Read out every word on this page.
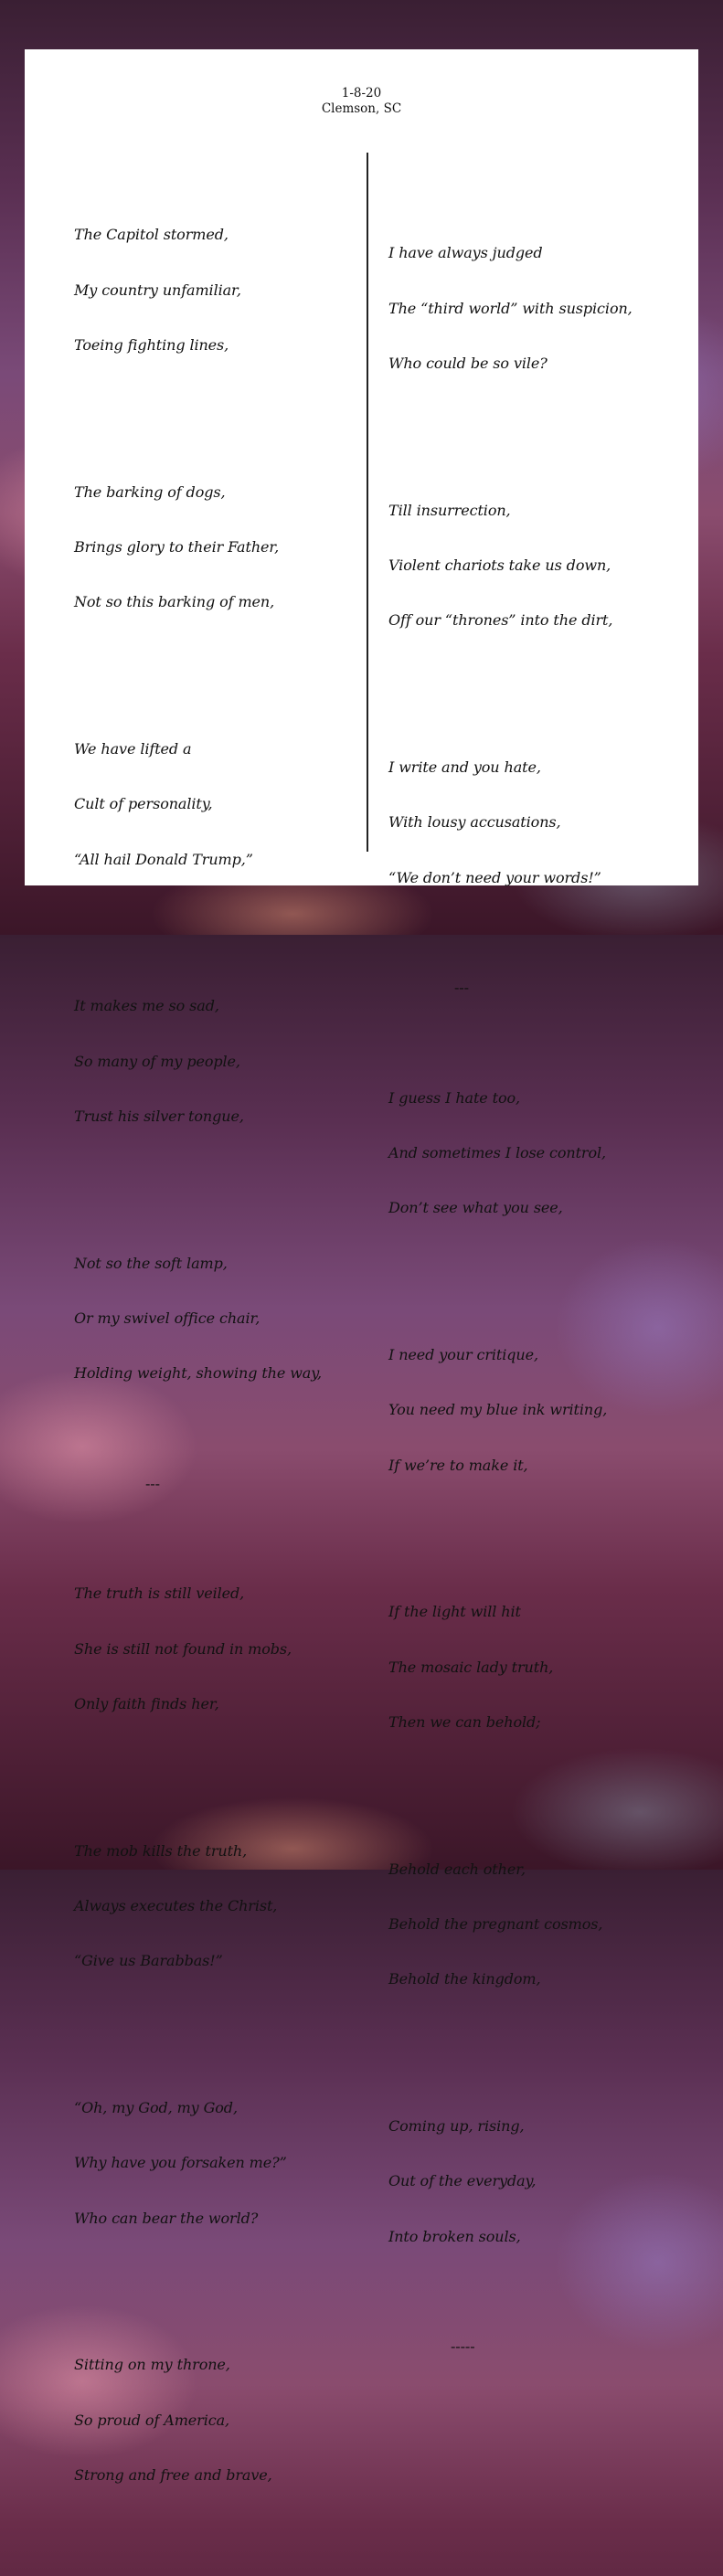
1-8-20
Clemson, SC

The Capitol stormed,

My country unfamiliar,

Toeing fighting lines,

The barking of dogs,

Brings glory to their Father,

Not so this barking of men,

We have lifted a

Cult of personality,

“All hail Donald Trump,”

It makes me so sad,

So many of my people,

Trust his silver tongue,

Not so the soft lamp,

Or my swivel office chair,

Holding weight, showing the way,

---

The truth is still veiled,

She is still not found in mobs,

Only faith finds her,

The mob kills the truth,

Always executes the Christ,

“Give us Barabbas!”

“Oh, my God, my God,

Why have you forsaken me?”

Who can bear the world?

Sitting on my throne,

So proud of America,

Strong and free and brave,

I have always judged

The “third world” with suspicion,

Who could be so vile?

Till insurrection,

Violent chariots take us down,

Off our “thrones” into the dirt,

I write and you hate,

With lousy accusations,

“We don’t need your words!”

---

I guess I hate too,

And sometimes I lose control,

Don’t see what you see,

I need your critique,

You need my blue ink writing,

If we’re to make it,

If the light will hit

The mosaic lady truth,

Then we can behold;

Behold each other,

Behold the pregnant cosmos,

Behold the kingdom,

Coming up, rising,

Out of the everyday,

Into broken souls,

-----
